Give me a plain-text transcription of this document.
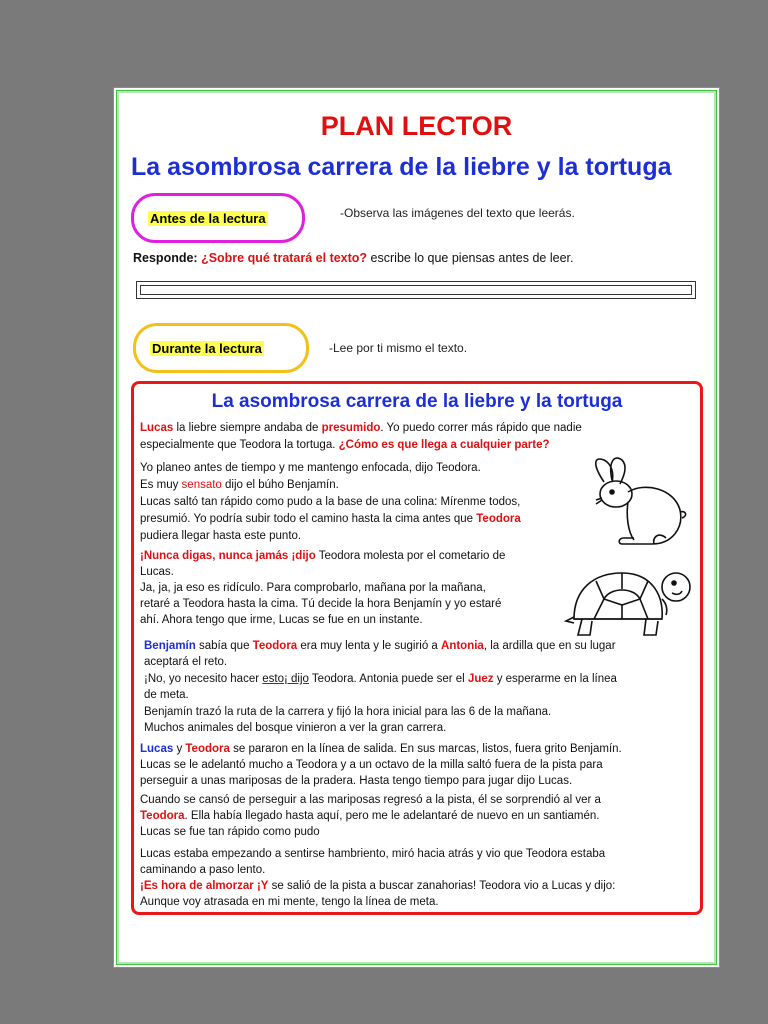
PLAN LECTOR
La asombrosa carrera de la liebre y la tortuga
Antes de la lectura	-Observa las imágenes del texto que leerás.
Responde: ¿Sobre qué tratará el texto? escribe lo que piensas antes de leer.
Durante la lectura	-Lee por ti mismo el texto.
La asombrosa carrera de la liebre y la tortuga
Lucas la liebre siempre andaba de presumido. Yo puedo correr más rápido que nadie
especialmente que Teodora la tortuga. ¿Cómo es que llega a cualquier parte?
Yo planeo antes de tiempo y me mantengo enfocada, dijo Teodora.
Es muy sensato dijo el búho Benjamín.
Lucas saltó tan rápido como pudo a la base de una colina: Mírenme todos,
presumió. Yo podría subir todo el camino hasta la cima antes que Teodora
pudiera llegar hasta este punto.
¡Nunca digas, nunca jamás ¡dijo Teodora molesta por el cometario de
Lucas.
Ja, ja, ja eso es ridículo. Para comprobarlo, mañana por la mañana,
retaré a Teodora hasta la cima. Tú decide la hora Benjamín y yo estaré
ahí. Ahora tengo que irme, Lucas se fue en un instante.
Benjamín sabía que Teodora era muy lenta y le sugirió a Antonia, la ardilla que en su lugar
aceptará el reto.
¡No, yo necesito hacer esto¡ dijo Teodora. Antonia puede ser el Juez y esperarme en la línea
de meta.
Benjamín trazó la ruta de la carrera y fijó la hora inicial para las 6 de la mañana.
Muchos animales del bosque vinieron a ver la gran carrera.
Lucas y Teodora se pararon en la línea de salida. En sus marcas, listos, fuera grito Benjamín.
Lucas se le adelantó mucho a Teodora y a un octavo de la milla saltó fuera de la pista para
perseguir a unas mariposas de la pradera. Hasta tengo tiempo para jugar dijo Lucas.
Cuando se cansó de perseguir a las mariposas regresó a la pista, él se sorprendió al ver a
Teodora. Ella había llegado hasta aquí, pero me le adelantaré de nuevo en un santiamén.
Lucas se fue tan rápido como pudo
Lucas estaba empezando a sentirse hambriento, miró hacia atrás y vio que Teodora estaba
caminando a paso lento.
¡Es hora de almorzar ¡Y se salió de la pista a buscar zanahorias! Teodora vio a Lucas y dijo:
Aunque voy atrasada en mi mente, tengo la línea de meta.
